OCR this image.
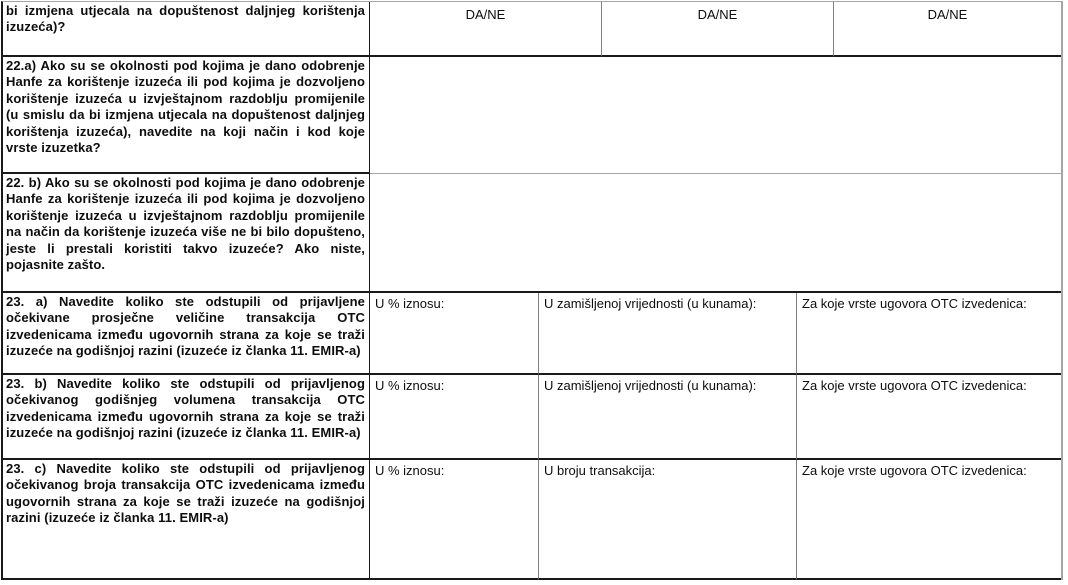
bi izmjena utjecala na dopuštenost daljnjeg korištenja izuzeća)?
DA/NE	DA/NE	DA/NE
22.a) Ako su se okolnosti pod kojima je dano odobrenje Hanfe za korištenje izuzeća ili pod kojima je dozvoljeno korištenje izuzeća u izvještajnom razdoblju promijenile (u smislu da bi izmjena utjecala na dopuštenost daljnjeg korištenja izuzeća), navedite na koji način i kod koje vrste izuzetka?
22. b) Ako su se okolnosti pod kojima je dano odobrenje Hanfe za korištenje izuzeća ili pod kojima je dozvoljeno korištenje izuzeća u izvještajnom razdoblju promijenile na način da korištenje izuzeća više ne bi bilo dopušteno, jeste li prestali koristiti takvo izuzeće? Ako niste, pojasnite zašto.
23. a) Navedite koliko ste odstupili od prijavljene očekivane prosječne veličine transakcija OTC izvedenicama između ugovornih strana za koje se traži izuzeće na godišnjoj razini (izuzeće iz članka 11. EMIR-a)
U % iznosu:	U zamišljenoj vrijednosti (u kunama):	Za koje vrste ugovora OTC izvedenica:
23. b) Navedite koliko ste odstupili od prijavljenog očekivanog godišnjeg volumena transakcija OTC izvedenicama između ugovornih strana za koje se traži izuzeće na godišnjoj razini (izuzeće iz članka 11. EMIR-a)
U % iznosu:	U zamišljenoj vrijednosti (u kunama):	Za koje vrste ugovora OTC izvedenica:
23. c) Navedite koliko ste odstupili od prijavljenog očekivanog broja transakcija OTC izvedenicama između ugovornih strana za koje se traži izuzeće na godišnjoj razini (izuzeće iz članka 11. EMIR-a)
U % iznosu:	U broju transakcija:	Za koje vrste ugovora OTC izvedenica:
